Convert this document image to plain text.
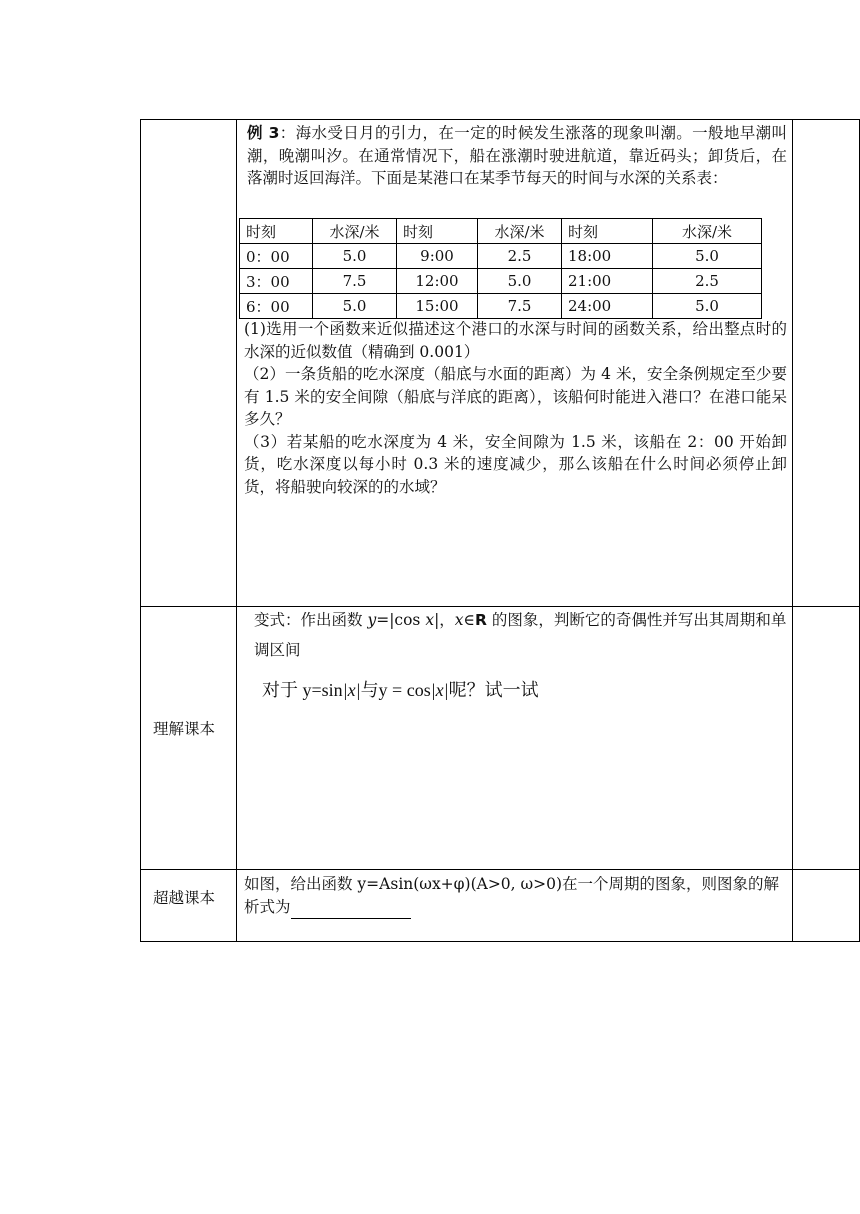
例 3：海水受日月的引力，在一定的时候发生涨落的现象叫潮。一般地早潮叫潮，晚潮叫汐。在通常情况下，船在涨潮时驶进航道，靠近码头；卸货后，在落潮时返回海洋。下面是某港口在某季节每天的时间与水深的关系表：

时刻	水深/米	时刻	水深/米	时刻	水深/米
0：00	5.0	9:00	2.5	18:00	5.0
3：00	7.5	12:00	5.0	21:00	2.5
6：00	5.0	15:00	7.5	24:00	5.0

(1)选用一个函数来近似描述这个港口的水深与时间的函数关系，给出整点时的水深的近似数值（精确到 0.001）

（2）一条货船的吃水深度（船底与水面的距离）为 4 米，安全条例规定至少要有 1.5 米的安全间隙（船底与洋底的距离），该船何时能进入港口？在港口能呆多久？

（3）若某船的吃水深度为 4 米，安全间隙为 1.5 米，该船在 2：00 开始卸货，吃水深度以每小时 0.3 米的速度减少，那么该船在什么时间必须停止卸货，将船驶向较深的的水域？

理解课本

变式：作出函数 y=|cos x|，x∈R 的图象，判断它的奇偶性并写出其周期和单调区间

对于 y=sin|x|与y = cos|x|呢？试一试
超越课本

如图，给出函数 y=Asin(ωx+φ)(A>0, ω>0)在一个周期的图象，则图象的解析式为
